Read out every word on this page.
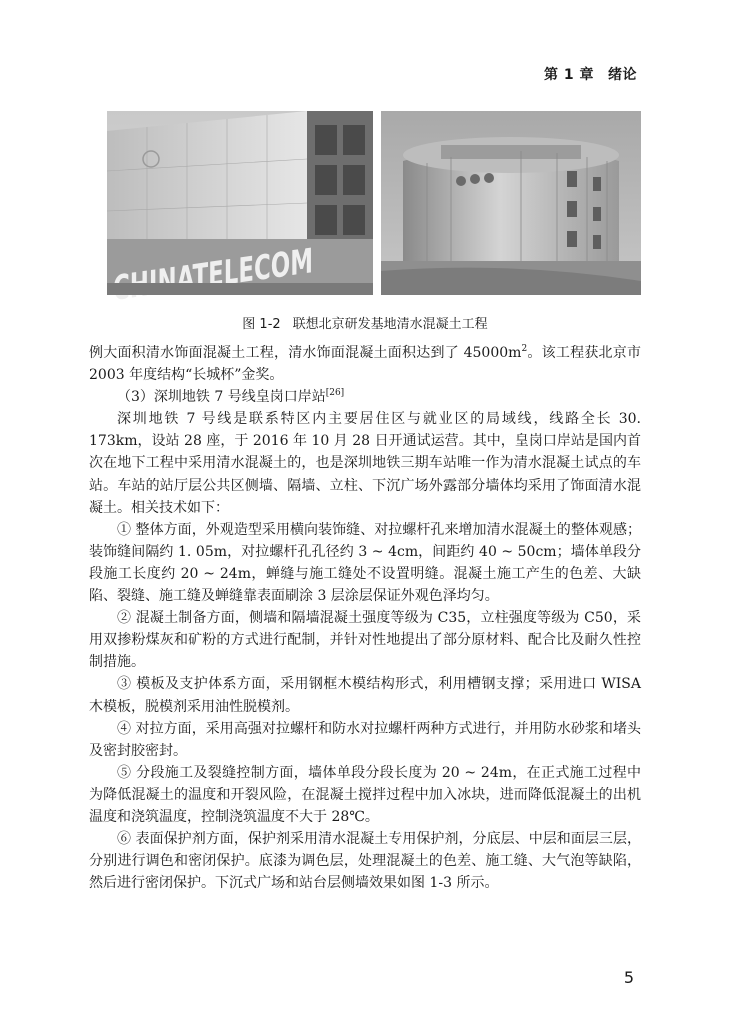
第 1 章 绪论
CHINATELECOM
图 1-2 联想北京研发基地清水混凝土工程

例大面积清水饰面混凝土工程，清水饰面混凝土面积达到了 $45000m^2$。该工程获北京市 2003 年度结构“长城杯”金奖。

（3）深圳地铁 7 号线皇岗口岸站[26]

深圳地铁 7 号线是联系特区内主要居住区与就业区的局域线，线路全长 30. 173km，设站 28 座，于 2016 年 10 月 28 日开通试运营。其中，皇岗口岸站是国内首次在地下工程中采用清水混凝土的，也是深圳地铁三期车站唯一作为清水混凝土试点的车站。车站的站厅层公共区侧墙、隔墙、立柱、下沉广场外露部分墙体均采用了饰面清水混凝土。相关技术如下：

① 整体方面，外观造型采用横向装饰缝、对拉螺杆孔来增加清水混凝土的整体观感；装饰缝间隔约 1. 05m，对拉螺杆孔孔径约 3 ~ 4cm，间距约 40 ~ 50cm；墙体单段分段施工长度约 20 ~ 24m，蝉缝与施工缝处不设置明缝。混凝土施工产生的色差、大缺陷、裂缝、施工缝及蝉缝靠表面刷涂 3 层涂层保证外观色泽均匀。

② 混凝土制备方面，侧墙和隔墙混凝土强度等级为 C35，立柱强度等级为 C50，采用双掺粉煤灰和矿粉的方式进行配制，并针对性地提出了部分原材料、配合比及耐久性控制措施。

③ 模板及支护体系方面，采用钢框木模结构形式，利用槽钢支撑；采用进口 WISA 木模板，脱模剂采用油性脱模剂。

④ 对拉方面，采用高强对拉螺杆和防水对拉螺杆两种方式进行，并用防水砂浆和堵头及密封胶密封。

⑤ 分段施工及裂缝控制方面，墙体单段分段长度为 20 ~ 24m，在正式施工过程中为降低混凝土的温度和开裂风险，在混凝土搅拌过程中加入冰块，进而降低混凝土的出机温度和浇筑温度，控制浇筑温度不大于 28℃。

⑥ 表面保护剂方面，保护剂采用清水混凝土专用保护剂，分底层、中层和面层三层，分别进行调色和密闭保护。底漆为调色层，处理混凝土的色差、施工缝、大气泡等缺陷，然后进行密闭保护。下沉式广场和站台层侧墙效果如图 1-3 所示。

5
